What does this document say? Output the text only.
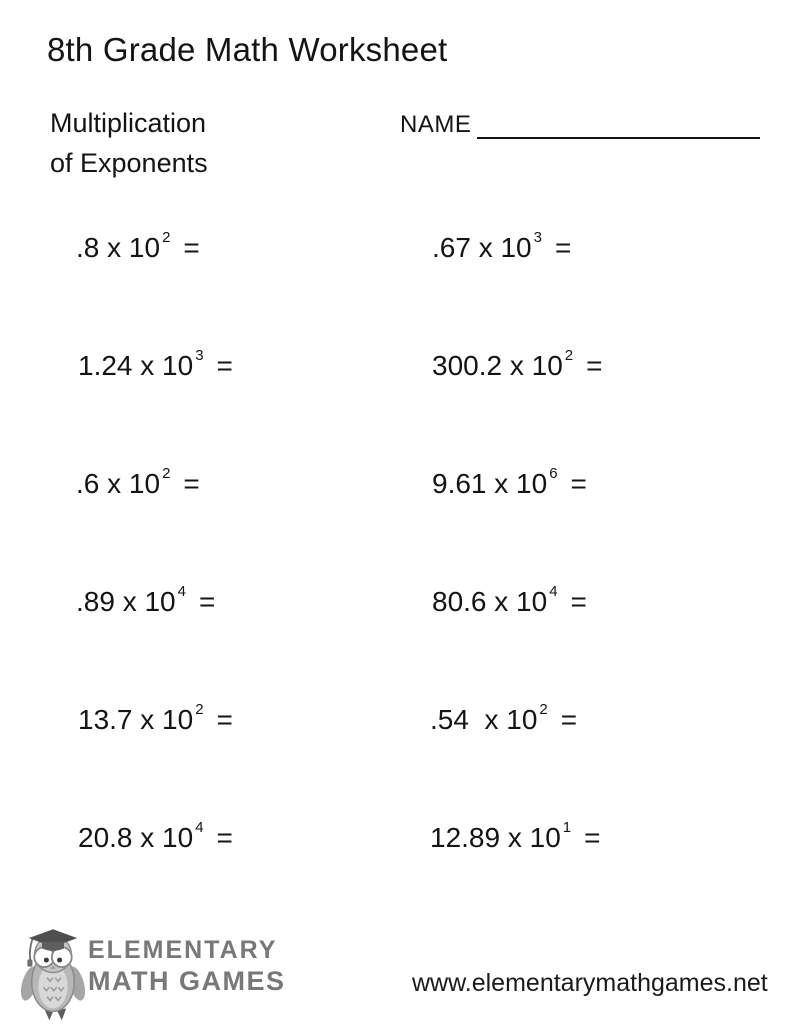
8th Grade Math Worksheet
Multiplication
of Exponents
NAME
.8 x 10 2 =	.67 x 10 3 =
1.24 x 10 3 =	300.2 x 10 2 =
.6 x 10 2 =	9.61 x 10 6 =
.89 x 10 4 =	80.6 x 10 4 =
13.7 x 10 2 =	.54  x 10 2 =
20.8 x 10 4 =	12.89 x 10 1 =
ELEMENTARY
MATH GAMES	www.elementarymathgames.net
